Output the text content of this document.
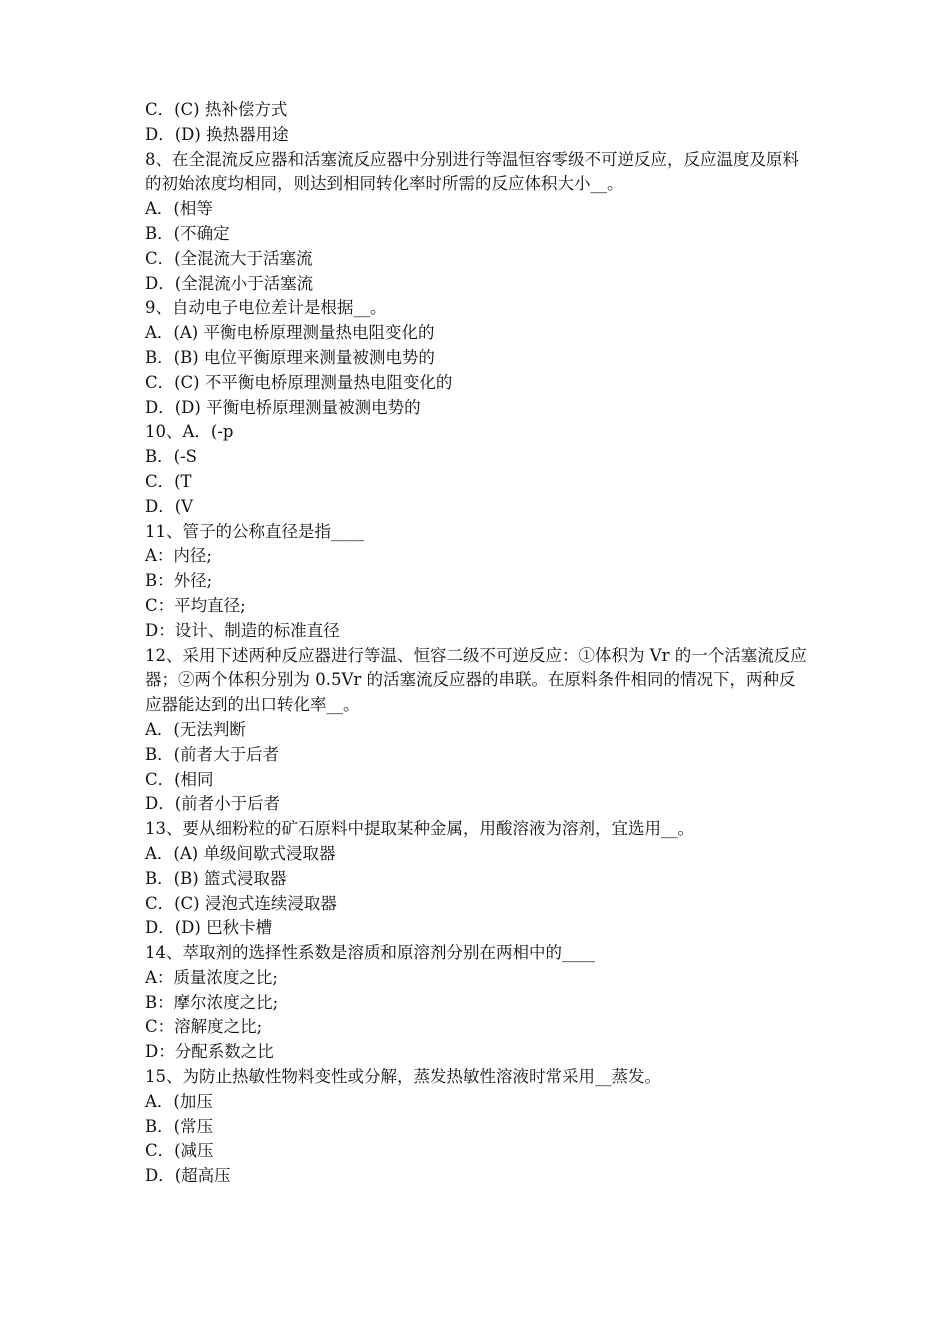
C．(C) 热补偿方式

D．(D) 换热器用途

8、在全混流反应器和活塞流反应器中分别进行等温恒容零级不可逆反应，反应温度及原料的初始浓度均相同，则达到相同转化率时所需的反应体积大小__。

A．(相等

B．(不确定

C．(全混流大于活塞流

D．(全混流小于活塞流

9、自动电子电位差计是根据__。

A．(A) 平衡电桥原理测量热电阻变化的

B．(B) 电位平衡原理来测量被测电势的

C．(C) 不平衡电桥原理测量热电阻变化的

D．(D) 平衡电桥原理测量被测电势的

10、A．(-p

B．(-S

C．(T

D．(V

11、管子的公称直径是指____

A：内径;

B：外径;

C：平均直径;

D：设计、制造的标准直径

12、采用下述两种反应器进行等温、恒容二级不可逆反应：①体积为 Vr 的一个活塞流反应器；②两个体积分别为 0.5Vr 的活塞流反应器的串联。在原料条件相同的情况下，两种反应器能达到的出口转化率__。

A．(无法判断

B．(前者大于后者

C．(相同

D．(前者小于后者

13、要从细粉粒的矿石原料中提取某种金属，用酸溶液为溶剂，宜选用__。

A．(A) 单级间歇式浸取器

B．(B) 篮式浸取器

C．(C) 浸泡式连续浸取器

D．(D) 巴秋卡槽

14、萃取剂的选择性系数是溶质和原溶剂分别在两相中的____

A：质量浓度之比;

B：摩尔浓度之比;

C：溶解度之比;

D：分配系数之比

15、为防止热敏性物料变性或分解，蒸发热敏性溶液时常采用__蒸发。

A．(加压

B．(常压

C．(减压

D．(超高压
